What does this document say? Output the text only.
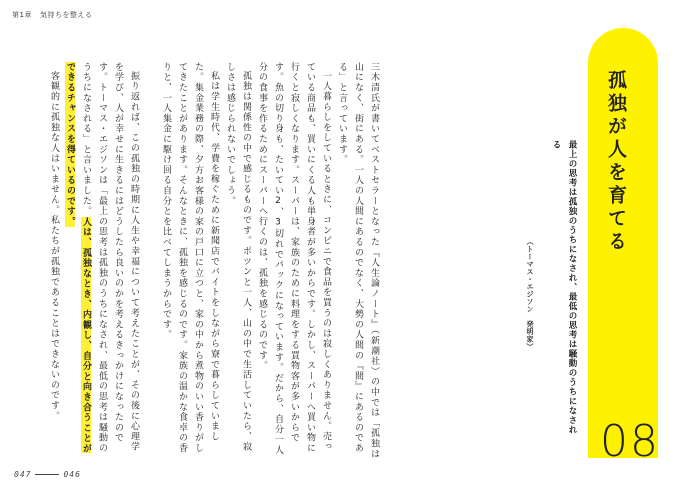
第1章 気持ちを整える

三木清氏が書いてベストセラーとなった『人生論ノート』（新潮社）の中では「孤独は山になく、街にある。一人の人間にあるのでなく、大勢の人間の『間』にあるのである」と言っています。

一人暮らしをしているときに、コンビニで食品を買うのは寂しくありません。売っている商品も、買いにくる人も単身者が多いからです。しかし、スーパーへ買い物に行くと寂しくなります。スーパーは、家族のために料理をする買物客が多いからです。魚の切り身も、たいてい2、3切れでパックになっています。だから、自分一人分の食事を作るためにスーパーへ行くのは、孤独を感じるのです。

孤独は関係性の中で感じるものです。ポツンと一人、山の中で生活していたら、寂しさは感じられないでしょう。

私は学生時代、学費を稼ぐために新聞店でバイトをしながら寮で暮らしていました。集金業務の際、夕方お客様の家の戸口に立つと、家の中から煮物のいい香りがしてきたことがあります。そんなときに、孤独を感じるのです。家族の温かな食卓の香りと、一人集金に駆け回る自分とを比べてしまうからです。

振り返れば、この孤独の時期に人生や幸福について考えたことが、その後に心理学を学び、人が幸せに生きるにはどうしたら良いのかを考えるきっかけになったのです。トーマス・エジソンは「最上の思考は孤独のうちになされ、最低の思考は騒動のうちになされる」と言いました。人は、孤独なとき、内観し、自分と向き合うことができるチャンスを得ているのです。

客観的に孤独な人はいません。私たちが孤独であることはできないのです。	（トーマス・エジソン　発明家）	最上の思考は孤独のうちになされ、最低の思考は騒動のうちになされる	孤独が人を育てる
08
047	046
